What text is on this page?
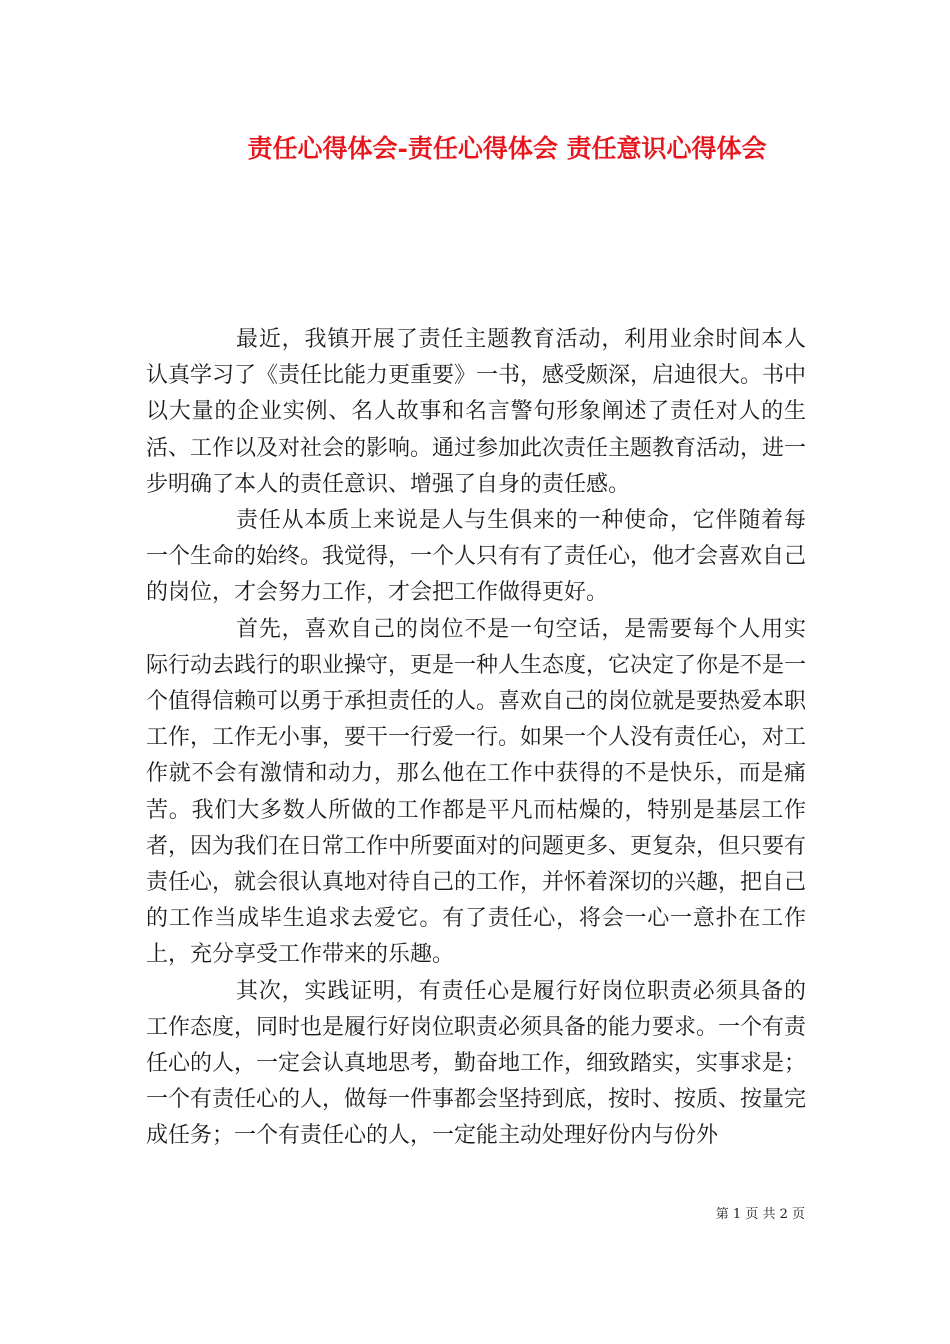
责任心得体会-责任心得体会 责任意识心得体会

最近，我镇开展了责任主题教育活动，利用业余时间本人认真学习了《责任比能力更重要》一书，感受颇深，启迪很大。书中以大量的企业实例、名人故事和名言警句形象阐述了责任对人的生活、工作以及对社会的影响。通过参加此次责任主题教育活动，进一步明确了本人的责任意识、增强了自身的责任感。

责任从本质上来说是人与生俱来的一种使命，它伴随着每一个生命的始终。我觉得，一个人只有有了责任心，他才会喜欢自己的岗位，才会努力工作，才会把工作做得更好。

首先，喜欢自己的岗位不是一句空话，是需要每个人用实际行动去践行的职业操守，更是一种人生态度，它决定了你是不是一个值得信赖可以勇于承担责任的人。喜欢自己的岗位就是要热爱本职工作，工作无小事，要干一行爱一行。如果一个人没有责任心，对工作就不会有激情和动力，那么他在工作中获得的不是快乐，而是痛苦。我们大多数人所做的工作都是平凡而枯燥的，特别是基层工作者，因为我们在日常工作中所要面对的问题更多、更复杂，但只要有责任心，就会很认真地对待自己的工作，并怀着深切的兴趣，把自己的工作当成毕生追求去爱它。有了责任心，将会一心一意扑在工作上，充分享受工作带来的乐趣。

其次，实践证明，有责任心是履行好岗位职责必须具备的工作态度，同时也是履行好岗位职责必须具备的能力要求。一个有责任心的人，一定会认真地思考，勤奋地工作，细致踏实，实事求是；一个有责任心的人，做每一件事都会坚持到底，按时、按质、按量完成任务；一个有责任心的人，一定能主动处理好份内与份外

第 1 页 共 2 页
